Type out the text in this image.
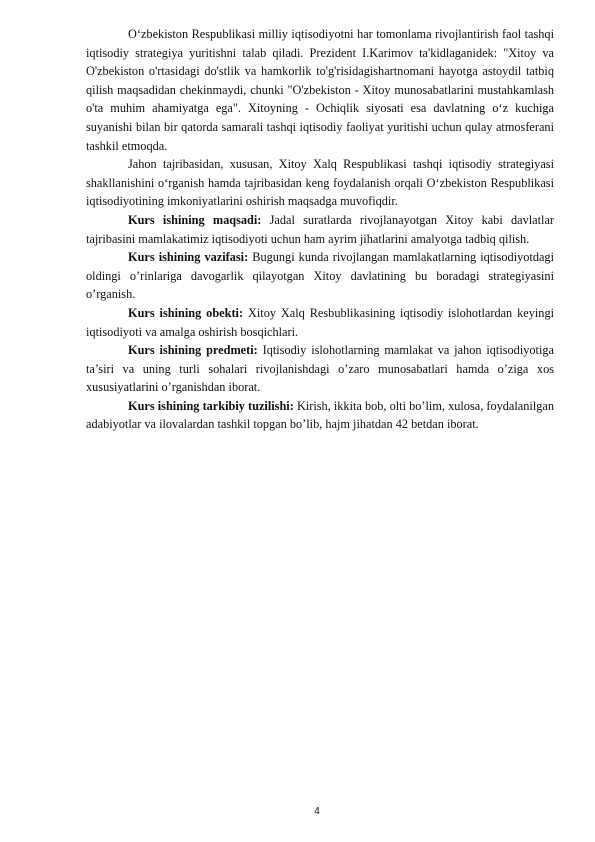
O‘zbekiston Respublikasi milliy iqtisodiyotni har tomonlama rivojlantirish faol tashqi iqtisodiy strategiya yuritishni talab qiladi. Prezident I.Karimov ta'kidlaganidek: "Xitoy va O'zbekiston o'rtasidagi do'stlik va hamkorlik to'g'risidagishartnomani hayotga astoydil tatbiq qilish maqsadidan chekinmaydi, chunki "O'zbekiston - Xitoy munosabatlarini mustahkamlash o'ta muhim ahamiyatga ega". Xitoyning - Ochiqlik siyosati esa davlatning o‘z kuchiga suyanishi bilan bir qatorda samarali tashqi iqtisodiy faoliyat yuritishi uchun qulay atmosferani tashkil etmoqda.

Jahon tajribasidan, xususan, Xitoy Xalq Respublikasi tashqi iqtisodiy strategiyasi shakllanishini o‘rganish hamda tajribasidan keng foydalanish orqali O‘zbekiston Respublikasi iqtisodiyotining imkoniyatlarini oshirish maqsadga muvofiqdir.

Kurs ishining maqsadi: Jadal suratlarda rivojlanayotgan Xitoy kabi davlatlar tajribasini mamlakatimiz iqtisodiyoti uchun ham ayrim jihatlarini amalyotga tadbiq qilish.

Kurs ishining vazifasi: Bugungi kunda rivojlangan mamlakatlarning iqtisodiyotdagi oldingi o’rinlariga davogarlik qilayotgan Xitoy davlatining bu boradagi strategiyasini o’rganish.

Kurs ishining obekti: Xitoy Xalq Resbublikasining iqtisodiy islohotlardan keyingi iqtisodiyoti va amalga oshirish bosqichlari.

Kurs ishining predmeti: Iqtisodiy islohotlarning mamlakat va jahon iqtisodiyotiga ta’siri va uning turli sohalari rivojlanishdagi o’zaro munosabatlari hamda o’ziga xos xususiyatlarini o’rganishdan iborat.

Kurs ishining tarkibiy tuzilishi: Kirish, ikkita bob, olti bo’lim, xulosa, foydalanilgan adabiyotlar va ilovalardan tashkil topgan bo’lib, hajm jihatdan 42 betdan iborat.

4
